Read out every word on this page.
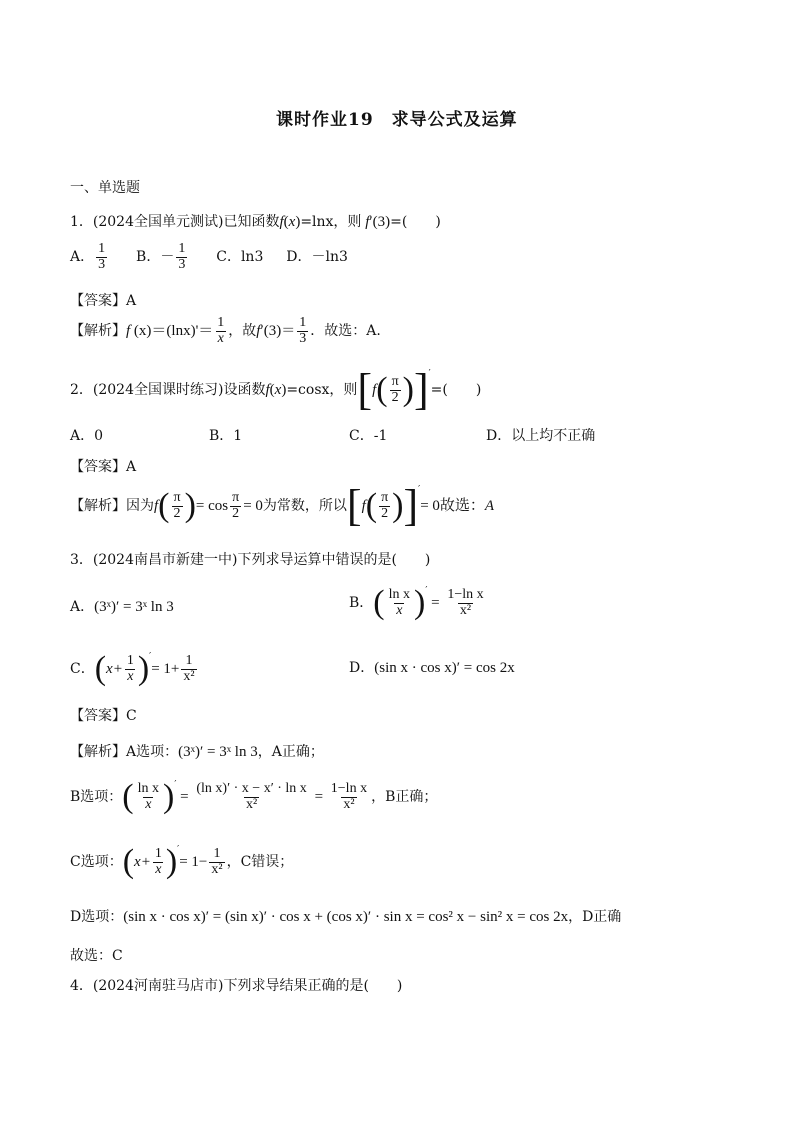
课时作业19　求导公式及运算
一、单选题
1．(2024全国单元测试)已知函数f(x)=lnx，则 f′(3)=(　　)
A． $\frac{1}{3}$ B．－ $\frac{1}{3}$ C．ln3 D．－ln3
【答案】A
【解析】f $(x)=(\ln x)'= \frac{1}{x}$ ，故$f'(3)= \frac{1}{3}$ ．故选：A.
2．(2024全国课时练习)设函数f(x)=cosx，则$[f( \frac{\pi}{2} )]'=$(　　)
A．0	B．1	C．-1	D．以上均不正确
【答案】A
【解析】因为$f( \frac{\pi}{2}$ )= $\cos \frac{\pi}{2} = 0$为常数，所以$[f( \frac{\pi}{2} )]'= 0$故选：A
3．(2024南昌市新建一中)下列求导运算中错误的是(　　)
A．(3ˣ)′ = 3ˣ ln 3	B．( $\frac{\text{ln x}}{x} )' = \frac{\text{1−ln x}}{\text{x²}}$
C．$(x+ \frac{1}{x} )'= 1+ \frac{1}{\text{x²}}$	D．(sin x · cos x)′ = cos 2x
【答案】C
【解析】A选项：(3ˣ)′ = 3ˣ ln 3，A正确；
B选项：( $\frac{\text{ln x}}{x} )' = \frac{\text{(ln x)′ · x − x′ · ln x}}{\text{x²}} = \frac{\text{1−ln x}}{\text{x²}}$ ，B正确；
C选项：$(x+ \frac{1}{x} )'= 1- \frac{1}{\text{x²}}$ ，C错误；
D选项：(sin x · cos x)′ = (sin x)′ · cos x + (cos x)′ · sin x = cos² x − sin² x = cos 2x，D正确
故选：C
4．(2024河南驻马店市)下列求导结果正确的是(　　)
